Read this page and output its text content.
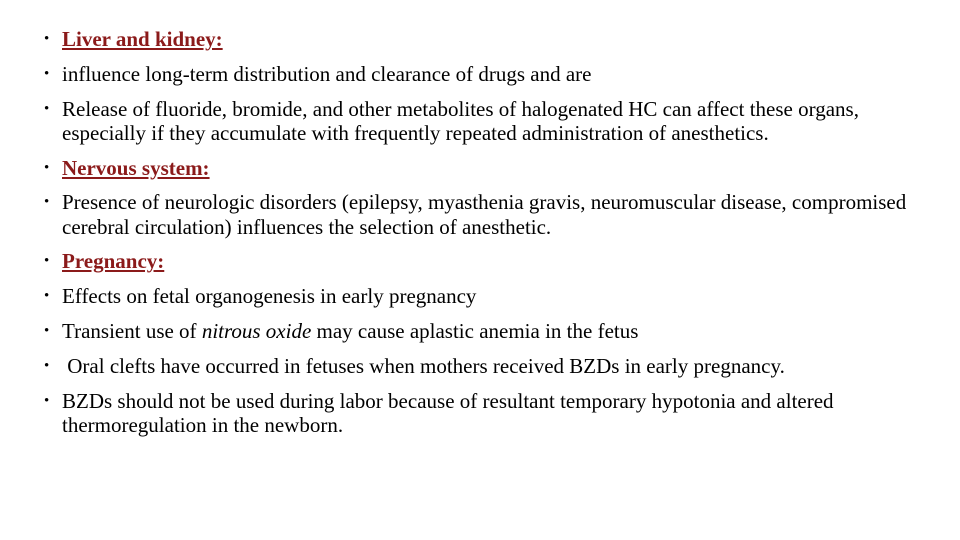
• Liver and kidney:
• influence long-term distribution and clearance of drugs and are
• Release of fluoride, bromide, and other metabolites of halogenated HC can affect these organs, especially if they accumulate with frequently repeated administration of anesthetics.
• Nervous system:
• Presence of neurologic disorders (epilepsy, myasthenia gravis, neuromuscular disease, compromised cerebral circulation) influences the selection of anesthetic.
• Pregnancy:
• Effects on fetal organogenesis in early pregnancy
• Transient use of nitrous oxide may cause aplastic anemia in the fetus
• Oral clefts have occurred in fetuses when mothers received BZDs in early pregnancy.
• BZDs should not be used during labor because of resultant temporary hypotonia and altered thermoregulation in the newborn.
